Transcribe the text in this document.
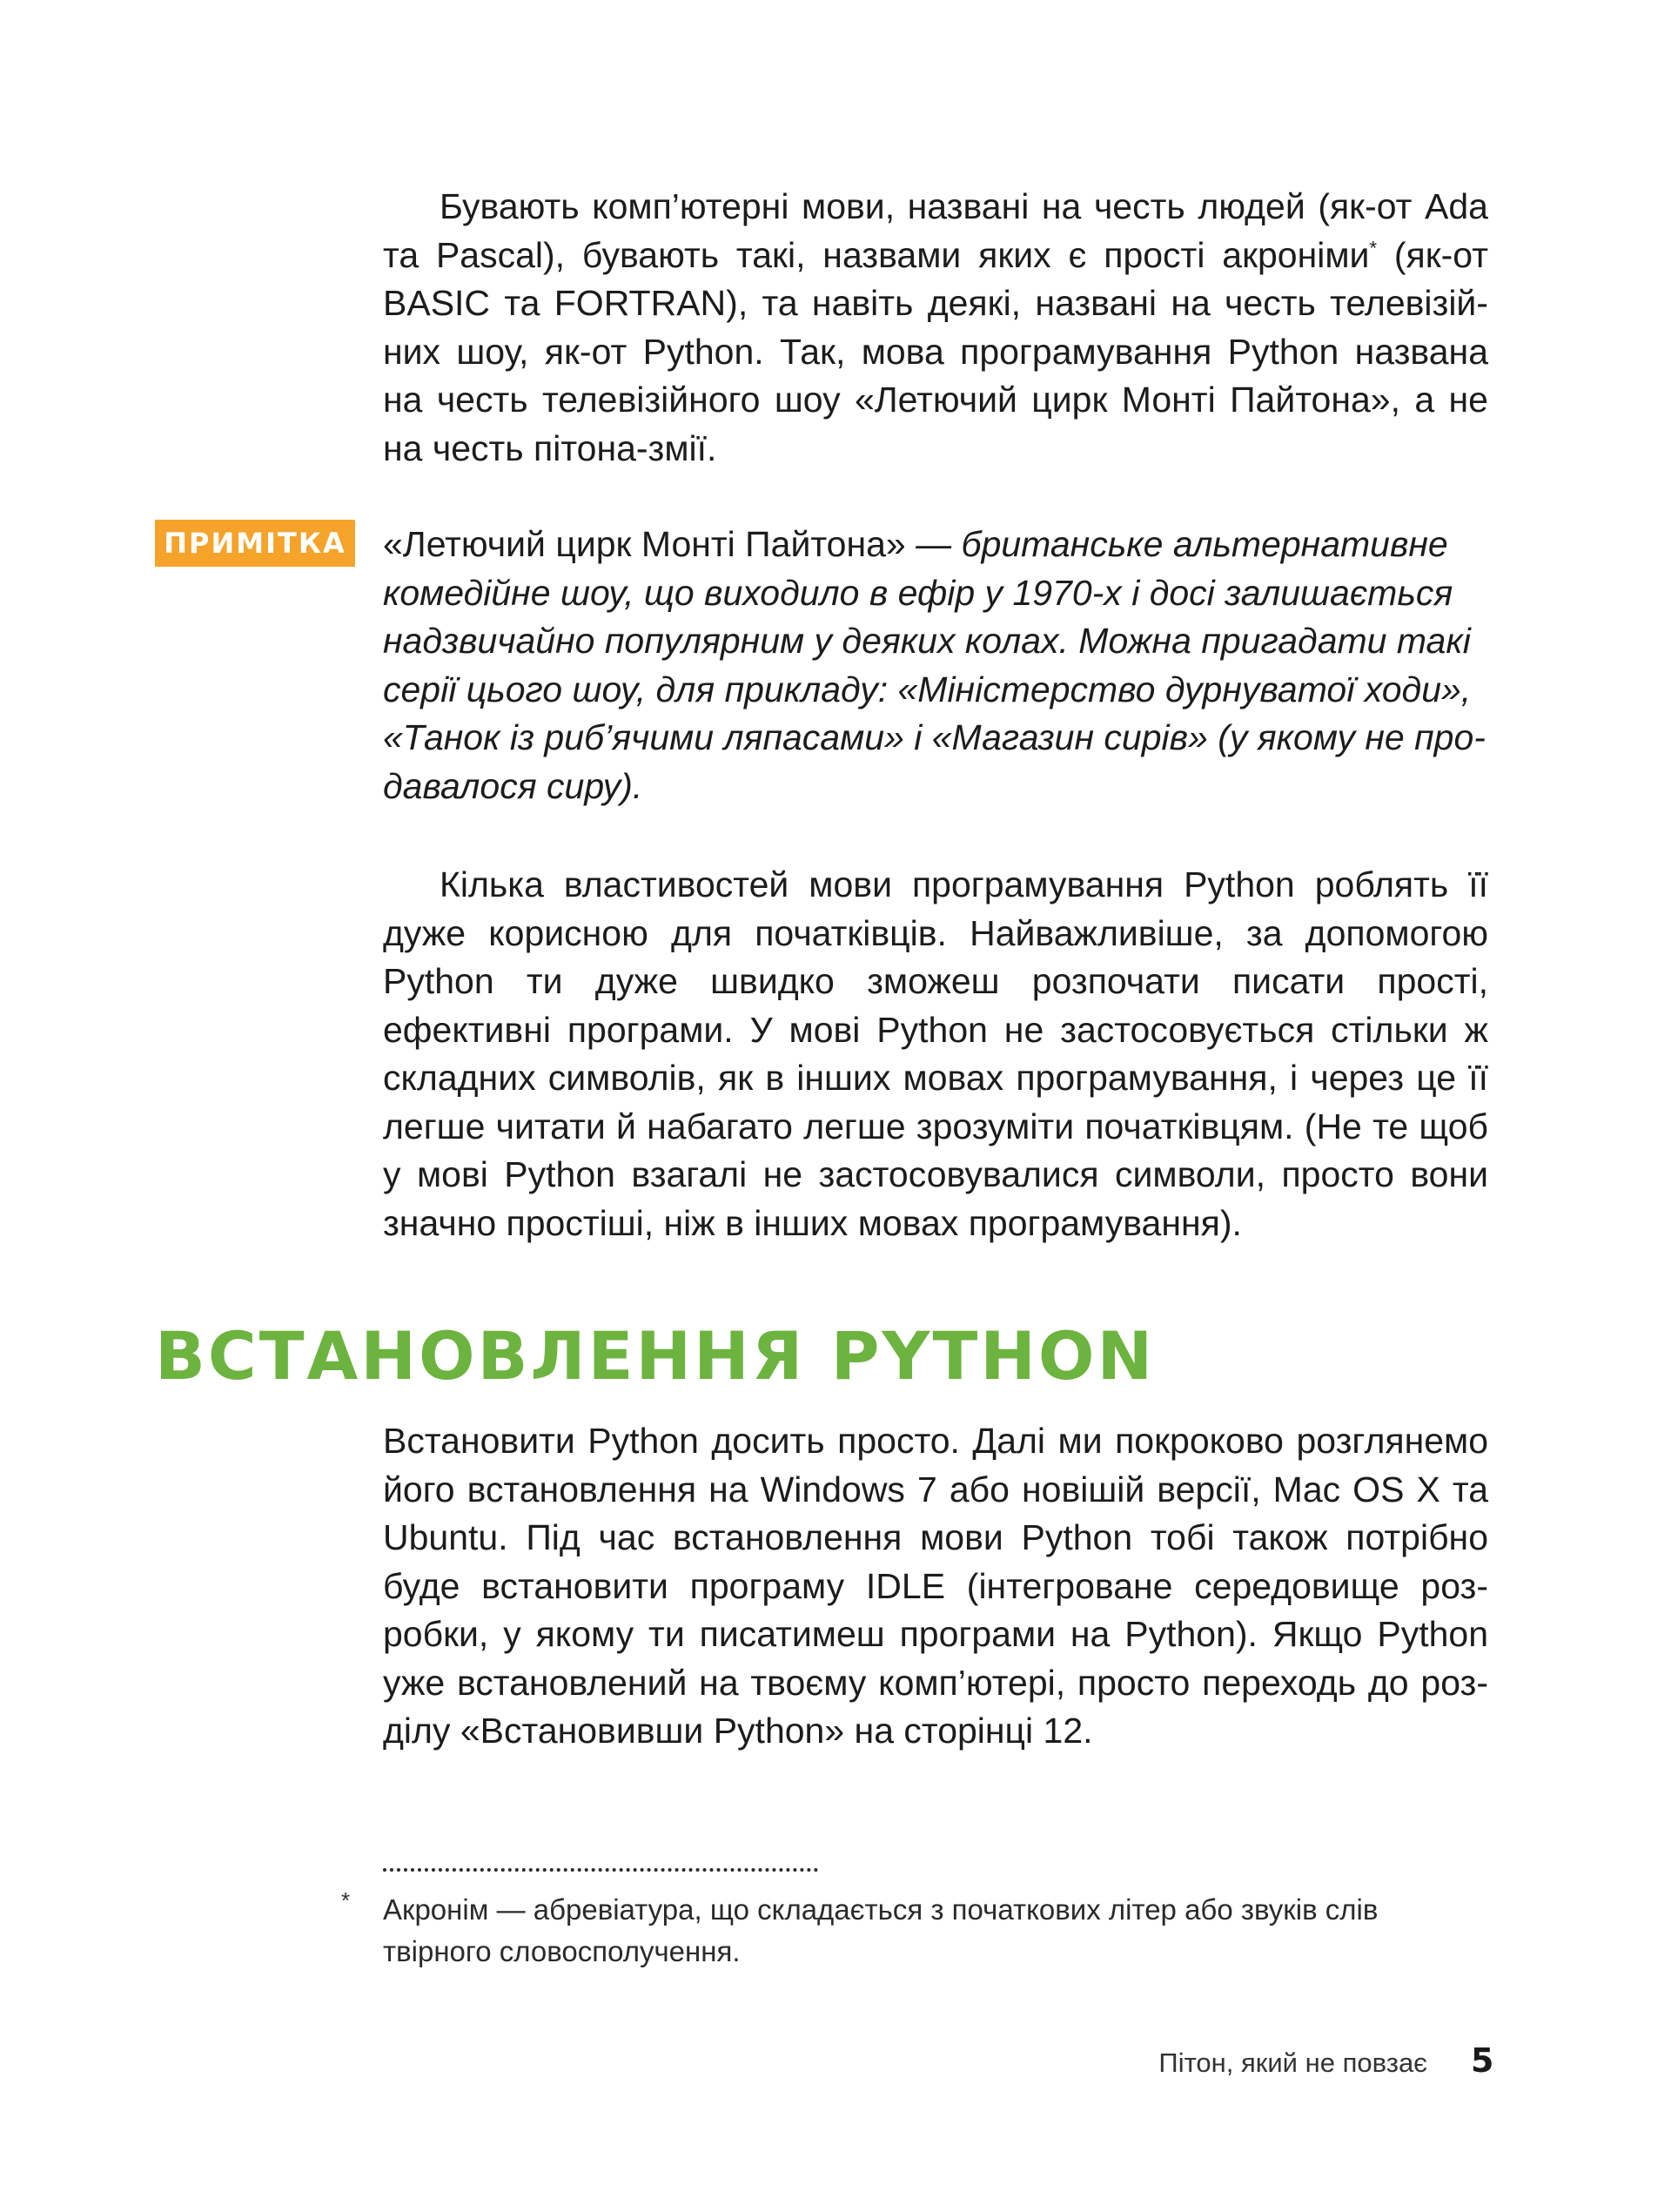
Бувають комп’ютерні мови, названі на честь людей (як-от Ada та Pascal), бувають такі, назвами яких є прості акроніми* (як-от BASIC та FORTRAN), та навіть деякі, названі на честь телевізійних шоу, як-от Python. Так, мова програмування Python названа на честь телевізійного шоу «Летючий цирк Монті Пайтона», а не на честь пітона-змії.

ПРИМІТКА «Летючий цирк Монті Пайтона» — британське альтернативне комедійне шоу, що виходило в ефір у 1970-х і досі залишається надзвичайно популярним у деяких колах. Можна пригадати такі серії цього шоу, для прикладу: «Міністерство дурнуватої ходи», «Танок із риб’ячими ляпасами» і «Магазин сирів» (у якому не продавалося сиру).

Кілька властивостей мови програмування Python роблять її дуже корисною для початківців. Найважливіше, за допомогою Python ти дуже швидко зможеш розпочати писати прості, ефективні програми. У мові Python не застосовується стільки ж складних символів, як в інших мовах програмування, і через це її легше читати й набагато легше зрозуміти початківцям. (Не те щоб у мові Python взагалі не застосовувалися символи, просто вони значно простіші, ніж в інших мовах програмування).

ВСТАНОВЛЕННЯ PYTHON

Встановити Python досить просто. Далі ми покроково розглянемо його встановлення на Windows 7 або новішій версії, Mac OS X та Ubuntu. Під час встановлення мови Python тобі також потрібно буде встановити програму IDLE (інтегроване середовище розробки, у якому ти писатимеш програми на Python). Якщо Python уже встановлений на твоєму комп’ютері, просто переходь до розділу «Встановивши Python» на сторінці 12.

* Акронім — абревіатура, що складається з початкових літер або звуків слів твірного словосполучення.

Пітон, який не повзає 5
